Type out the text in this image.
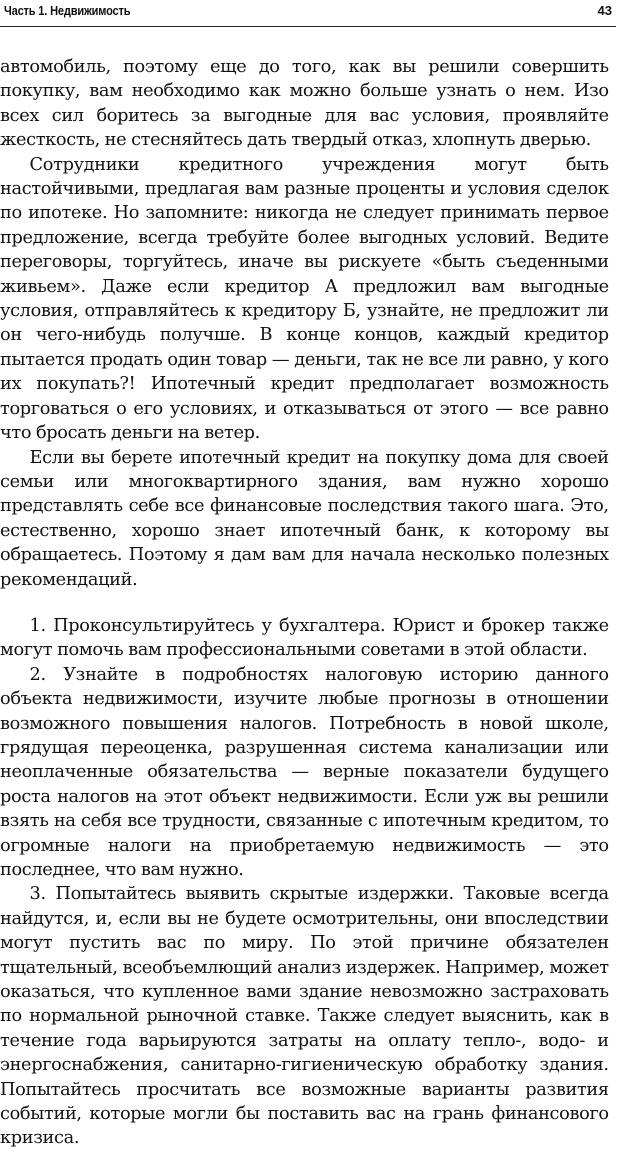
Часть 1. Недвижимость	43

автомобиль, поэтому еще до того, как вы решили совершить покупку, вам необходимо как можно больше узнать о нем. Изо всех сил боритесь за выгодные для вас условия, проявляйте жесткость, не стесняйтесь дать твердый отказ, хлопнуть дверью.

Сотрудники кредитного учреждения могут быть настойчивыми, предлагая вам разные проценты и условия сделок по ипотеке. Но запомните: никогда не следует принимать первое предложение, всегда требуйте более выгодных условий. Ведите переговоры, торгуйтесь, иначе вы рискуете «быть съеденными живьем». Даже если кредитор А предложил вам выгодные условия, отправляйтесь к кредитору Б, узнайте, не предложит ли он чего-нибудь получше. В конце концов, каждый кредитор пытается продать один товар — деньги, так не все ли равно, у кого их покупать?! Ипотечный кредит предполагает возможность торговаться о его условиях, и отказываться от этого — все равно что бросать деньги на ветер.

Если вы берете ипотечный кредит на покупку дома для своей семьи или многоквартирного здания, вам нужно хорошо представлять себе все финансовые последствия такого шага. Это, естественно, хорошо знает ипотечный банк, к которому вы обращаетесь. Поэтому я дам вам для начала несколько полезных рекомендаций.

1. Проконсультируйтесь у бухгалтера. Юрист и брокер также могут помочь вам профессиональными советами в этой области.

2. Узнайте в подробностях налоговую историю данного объекта недвижимости, изучите любые прогнозы в отношении возможного повышения налогов. Потребность в новой школе, грядущая переоценка, разрушенная система канализации или неоплаченные обязательства — верные показатели будущего роста налогов на этот объект недвижимости. Если уж вы решили взять на себя все трудности, связанные с ипотечным кредитом, то огромные налоги на приобретаемую недвижимость — это последнее, что вам нужно.

3. Попытайтесь выявить скрытые издержки. Таковые всегда найдутся, и, если вы не будете осмотрительны, они впоследствии могут пустить вас по миру. По этой причине обязателен тщательный, всеобъемлющий анализ издержек. Например, может оказаться, что купленное вами здание невозможно застраховать по нормальной рыночной ставке. Также следует выяснить, как в течение года варьируются затраты на оплату тепло-, водо- и энергоснабжения, санитарно-гигиеническую обработку здания. Попытайтесь просчитать все возможные варианты развития событий, которые могли бы поставить вас на грань финансового кризиса.
